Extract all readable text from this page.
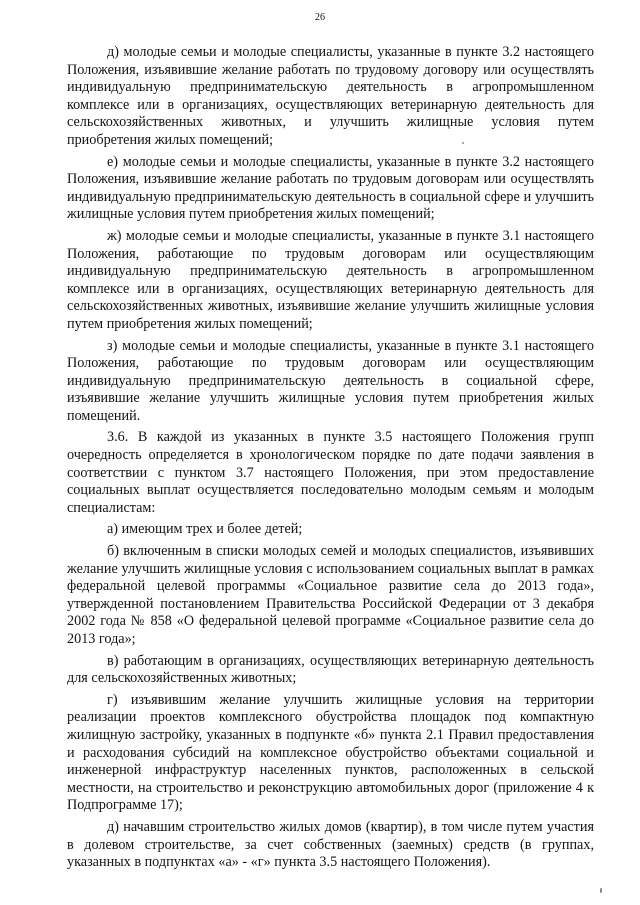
26

д) молодые семьи и молодые специалисты, указанные в пункте 3.2 настоящего Положения, изъявившие желание работать по трудовому договору или осуществлять индивидуальную предпринимательскую деятельность в агропромышленном комплексе или в организациях, осуществляющих ветеринарную деятельность для сельскохозяйственных животных, и улучшить жилищные условия путем приобретения жилых помещений;

е) молодые семьи и молодые специалисты, указанные в пункте 3.2 настоящего Положения, изъявившие желание работать по трудовым договорам или осуществлять индивидуальную предпринимательскую деятельность в социальной сфере и улучшить жилищные условия путем приобретения жилых помещений;

ж) молодые семьи и молодые специалисты, указанные в пункте 3.1 настоящего Положения, работающие по трудовым договорам или осуществляющим индивидуальную предпринимательскую деятельность в агропромышленном комплексе или в организациях, осуществляющих ветеринарную деятельность для сельскохозяйственных животных, изъявившие желание улучшить жилищные условия путем приобретения жилых помещений;

з) молодые семьи и молодые специалисты, указанные в пункте 3.1 настоящего Положения, работающие по трудовым договорам или осуществляющим индивидуальную предпринимательскую деятельность в социальной сфере, изъявившие желание улучшить жилищные условия путем приобретения жилых помещений.

3.6. В каждой из указанных в пункте 3.5 настоящего Положения групп очередность определяется в хронологическом порядке по дате подачи заявления в соответствии с пунктом 3.7 настоящего Положения, при этом предоставление социальных выплат осуществляется последовательно молодым семьям и молодым специалистам:

а) имеющим трех и более детей;

б) включенным в списки молодых семей и молодых специалистов, изъявивших желание улучшить жилищные условия с использованием социальных выплат в рамках федеральной целевой программы «Социальное развитие села до 2013 года», утвержденной постановлением Правительства Российской Федерации от 3 декабря 2002 года № 858 «О федеральной целевой программе «Социальное развитие села до 2013 года»;

в) работающим в организациях, осуществляющих ветеринарную деятельность для сельскохозяйственных животных;

г) изъявившим желание улучшить жилищные условия на территории реализации проектов комплексного обустройства площадок под компактную жилищную застройку, указанных в подпункте «б» пункта 2.1 Правил предоставления и расходования субсидий на комплексное обустройство объектами социальной и инженерной инфраструктур населенных пунктов, расположенных в сельской местности, на строительство и реконструкцию автомобильных дорог (приложение 4 к Подпрограмме 17);

д) начавшим строительство жилых домов (квартир), в том числе путем участия в долевом строительстве, за счет собственных (заемных) средств (в группах, указанных в подпунктах «а» - «г» пункта 3.5 настоящего Положения).
